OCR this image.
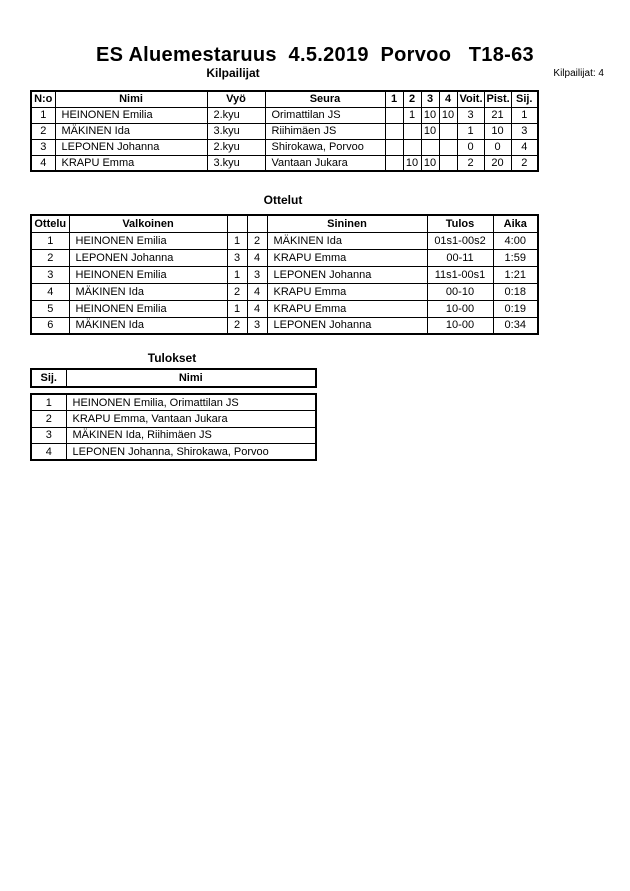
ES Aluemestaruus  4.5.2019  Porvoo   T18-63
Kilpailijat	Kilpailijat: 4
N:o	Nimi	Vyö	Seura	1	2	3	4	Voit.	Pist.	Sij.
1	HEINONEN Emilia	2.kyu	Orimattilan JS		1	10	10	3	21	1
2	MÄKINEN Ida	3.kyu	Riihimäen JS			10		1	10	3
3	LEPONEN Johanna	2.kyu	Shirokawa, Porvoo					0	0	4
4	KRAPU Emma	3.kyu	Vantaan Jukara		10	10		2	20	2
Ottelut
Ottelu	Valkoinen			Sininen	Tulos	Aika
1	HEINONEN Emilia	1	2	MÄKINEN Ida	01s1-00s2	4:00
2	LEPONEN Johanna	3	4	KRAPU Emma	00-11	1:59
3	HEINONEN Emilia	1	3	LEPONEN Johanna	11s1-00s1	1:21
4	MÄKINEN Ida	2	4	KRAPU Emma	00-10	0:18
5	HEINONEN Emilia	1	4	KRAPU Emma	10-00	0:19
6	MÄKINEN Ida	2	3	LEPONEN Johanna	10-00	0:34
Tulokset
Sij.	Nimi
1	HEINONEN Emilia, Orimattilan JS
2	KRAPU Emma, Vantaan Jukara
3	MÄKINEN Ida, Riihimäen JS
4	LEPONEN Johanna, Shirokawa, Porvoo
